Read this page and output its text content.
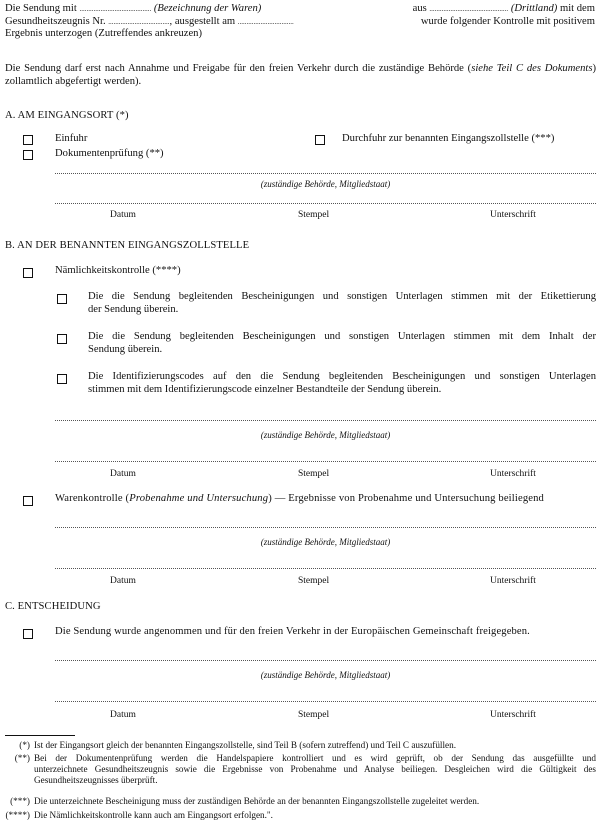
Die Sendung mit ......................................... (Bezeichnung der Waren)	aus ............................................. (Drittland) mit dem
Gesundheitszeugnis Nr. ..................................., ausgestellt am ................................	wurde folgender Kontrolle mit positivem
Ergebnis unterzogen (Zutreffendes ankreuzen)
Die Sendung darf erst nach Annahme und Freigabe für den freien Verkehr durch die zuständige Behörde (siehe Teil C des Dokuments) zollamtlich abgefertigt werden).
A. AM EINGANGSORT (*)
Einfuhr	Durchfuhr zur benannten Eingangszollstelle (***)
Dokumentenprüfung (**)
(zuständige Behörde, Mitgliedstaat)
Datum	Stempel	Unterschrift
B. AN DER BENANNTEN EINGANGSZOLLSTELLE
Nämlichkeitskontrolle (****)
Die die Sendung begleitenden Bescheinigungen und sonstigen Unterlagen stimmen mit der Etikettierung
der Sendung überein.
Die die Sendung begleitenden Bescheinigungen und sonstigen Unterlagen stimmen mit dem Inhalt der
Sendung überein.
Die Identifizierungscodes auf den die Sendung begleitenden Bescheinigungen und sonstigen Unterlagen
stimmen mit dem Identifizierungscode einzelner Bestandteile der Sendung überein.
(zuständige Behörde, Mitgliedstaat)
Datum	Stempel	Unterschrift
Warenkontrolle (Probenahme und Untersuchung) — Ergebnisse von Probenahme und Untersuchung beiliegend
(zuständige Behörde, Mitgliedstaat)
Datum	Stempel	Unterschrift
C. ENTSCHEIDUNG
Die Sendung wurde angenommen und für den freien Verkehr in der Europäischen Gemeinschaft freigegeben.
(zuständige Behörde, Mitgliedstaat)
Datum	Stempel	Unterschrift
(*) Ist der Eingangsort gleich der benannten Eingangszollstelle, sind Teil B (sofern zutreffend) und Teil C auszufüllen.
(**) Bei der Dokumentenprüfung werden die Handelspapiere kontrolliert und es wird geprüft, ob der Sendung das ausgefüllte und
unterzeichnete Gesundheitszeugnis sowie die Ergebnisse von Probenahme und Analyse beiliegen. Desgleichen wird die Gültigkeit des
Gesundheitszeugnisses überprüft.
(***) Die unterzeichnete Bescheinigung muss der zuständigen Behörde an der benannten Eingangszollstelle zugeleitet werden.
(****) Die Nämlichkeitskontrolle kann auch am Eingangsort erfolgen.".
